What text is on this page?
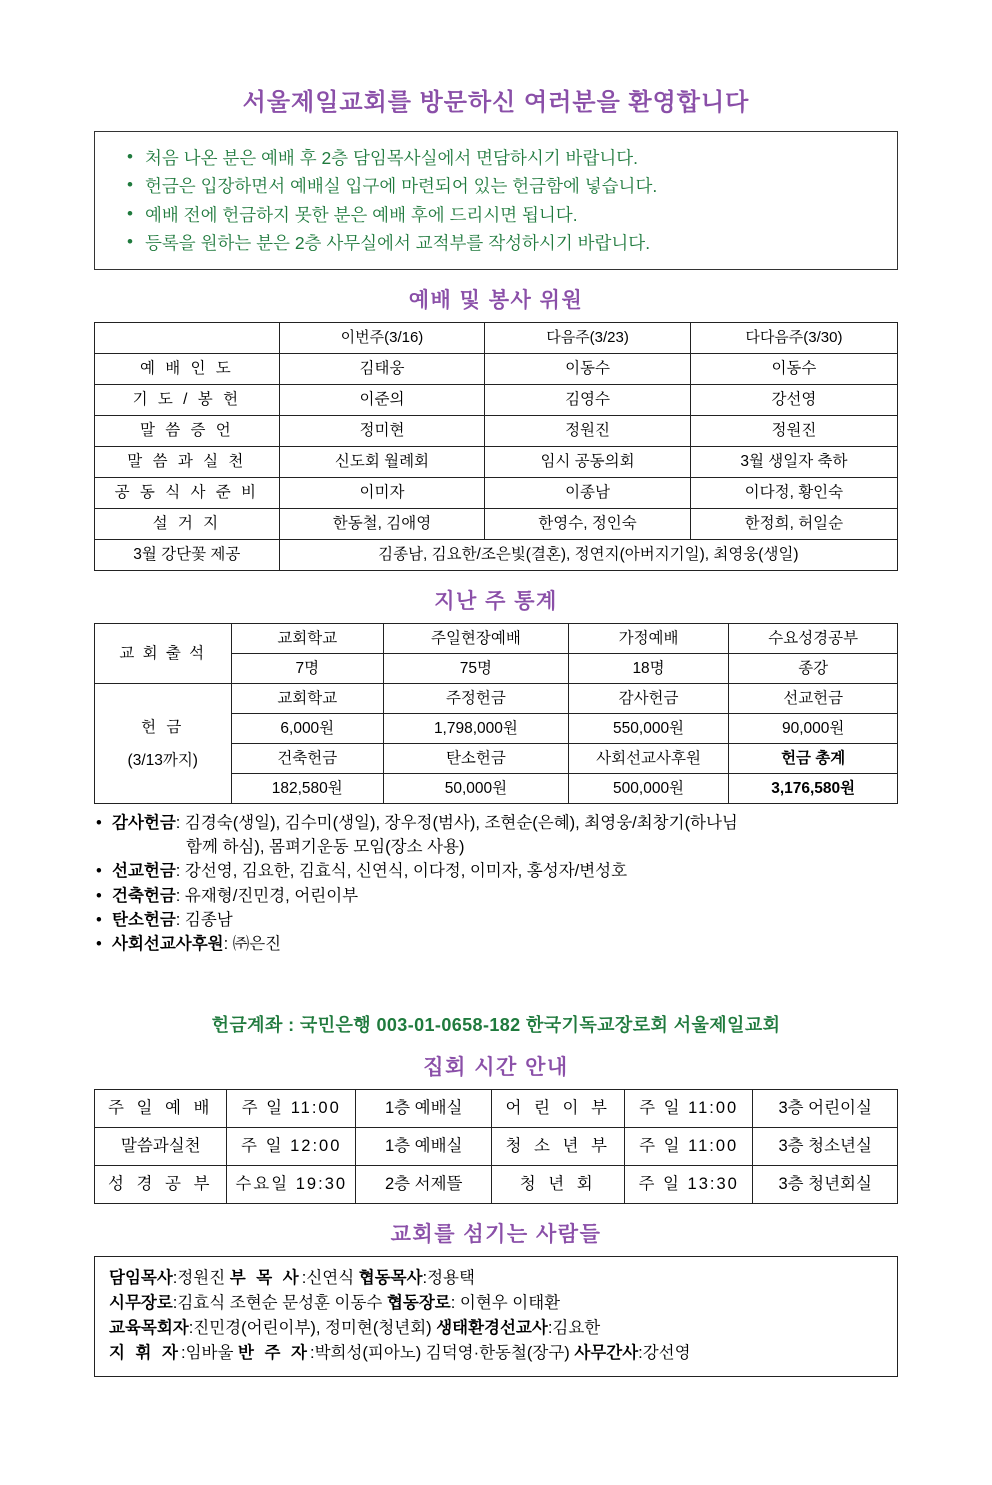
서울제일교회를 방문하신 여러분을 환영합니다
• 처음 나온 분은 예배 후 2층 담임목사실에서 면담하시기 바랍니다.
• 헌금은 입장하면서 예배실 입구에 마련되어 있는 헌금함에 넣습니다.
• 예배 전에 헌금하지 못한 분은 예배 후에 드리시면 됩니다.
• 등록을 원하는 분은 2층 사무실에서 교적부를 작성하시기 바랍니다.
예배 및 봉사 위원
	이번주(3/16)	다음주(3/23)	다다음주(3/30)
예 배 인 도	김태웅	이동수	이동수
기 도 / 봉 헌	이준의	김영수	강선영
말 씀 증 언	정미현	정원진	정원진
말 씀 과 실 천	신도회 월례회	임시 공동의회	3월 생일자 축하
공 동 식 사 준 비	이미자	이종남	이다정, 황인숙
설 거 지	한동철, 김애영	한영수, 정인숙	한정희, 허일순
3월 강단꽃 제공	김종남, 김요한/조은빛(결혼), 정연지(아버지기일), 최영웅(생일)		
지난 주 통계
교 회 출 석	교회학교	주일현장예배	가정예배	수요성경공부
	7명	75명	18명	종강

헌 금
(3/13까지)	교회학교	주정헌금	감사헌금	선교헌금
	6,000원	1,798,000원	550,000원	90,000원
	건축헌금	탄소헌금	사회선교사후원	헌금 총계
	182,580원	50,000원	500,000원	3,176,580원
• 감사헌금: 김경숙(생일), 김수미(생일), 장우정(범사), 조현순(은혜), 최영웅/최창기(하나님
함께 하심), 몸펴기운동 모임(장소 사용)
• 선교헌금: 강선영, 김요한, 김효식, 신연식, 이다정, 이미자, 홍성자/변성호
• 건축헌금: 유재형/진민경, 어린이부
• 탄소헌금: 김종남
• 사회선교사후원: ㈜은진
헌금계좌 : 국민은행 003-01-0658-182 한국기독교장로회 서울제일교회
집회 시간 안내
주 일 예 배	주 일 11:00	1층 예배실	어 린 이 부	주 일 11:00	3층 어린이실
말씀과실천	주 일 12:00	1층 예배실	청 소 년 부	주 일 11:00	3층 청소년실
성 경 공 부	수요일 19:30	2층 서제뜰	청 년 회	주 일 13:30	3층 청년회실
교회를 섬기는 사람들
담임목사:정원진 부 목 사:신연식 협동목사:정용택
시무장로:김효식 조현순 문성훈 이동수 협동장로: 이현우 이태환
교육목회자:진민경(어린이부), 정미현(청년회) 생태환경선교사:김요한
지 휘 자:임바울 반 주 자:박희성(피아노) 김덕영·한동철(장구) 사무간사:강선영
